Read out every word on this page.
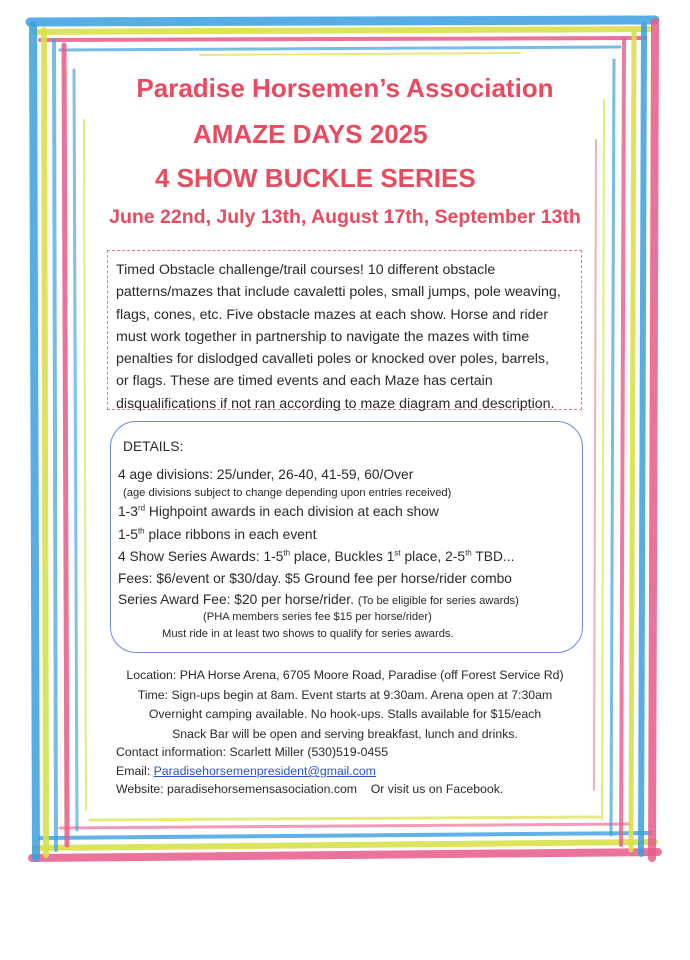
Paradise Horsemen’s Association
AMAZE DAYS 2025
4 SHOW BUCKLE SERIES
June 22nd, July 13th, August 17th, September 13th
Timed Obstacle challenge/trail courses! 10 different obstacle
patterns/mazes that include cavaletti poles, small jumps, pole weaving,
flags, cones, etc. Five obstacle mazes at each show. Horse and rider
must work together in partnership to navigate the mazes with time
penalties for dislodged cavalleti poles or knocked over poles, barrels,
or flags. These are timed events and each Maze has certain
disqualifications if not ran according to maze diagram and description.
DETAILS:
4 age divisions: 25/under, 26-40, 41-59, 60/Over
(age divisions subject to change depending upon entries received)
1-3rd Highpoint awards in each division at each show
1-5th place ribbons in each event
4 Show Series Awards: 1-5th place, Buckles 1st place, 2-5th TBD...
Fees: $6/event or $30/day. $5 Ground fee per horse/rider combo
Series Award Fee: $20 per horse/rider. (To be eligible for series awards)
(PHA members series fee $15 per horse/rider)
Must ride in at least two shows to qualify for series awards.
Location: PHA Horse Arena, 6705 Moore Road, Paradise (off Forest Service Rd)
Time: Sign-ups begin at 8am. Event starts at 9:30am. Arena open at 7:30am
Overnight camping available. No hook-ups. Stalls available for $15/each
Snack Bar will be open and serving breakfast, lunch and drinks.
Contact information: Scarlett Miller (530)519-0455
Email: Paradisehorsemenpresident@gmail.com
Website: paradisehorsemensasociation.com    Or visit us on Facebook.
